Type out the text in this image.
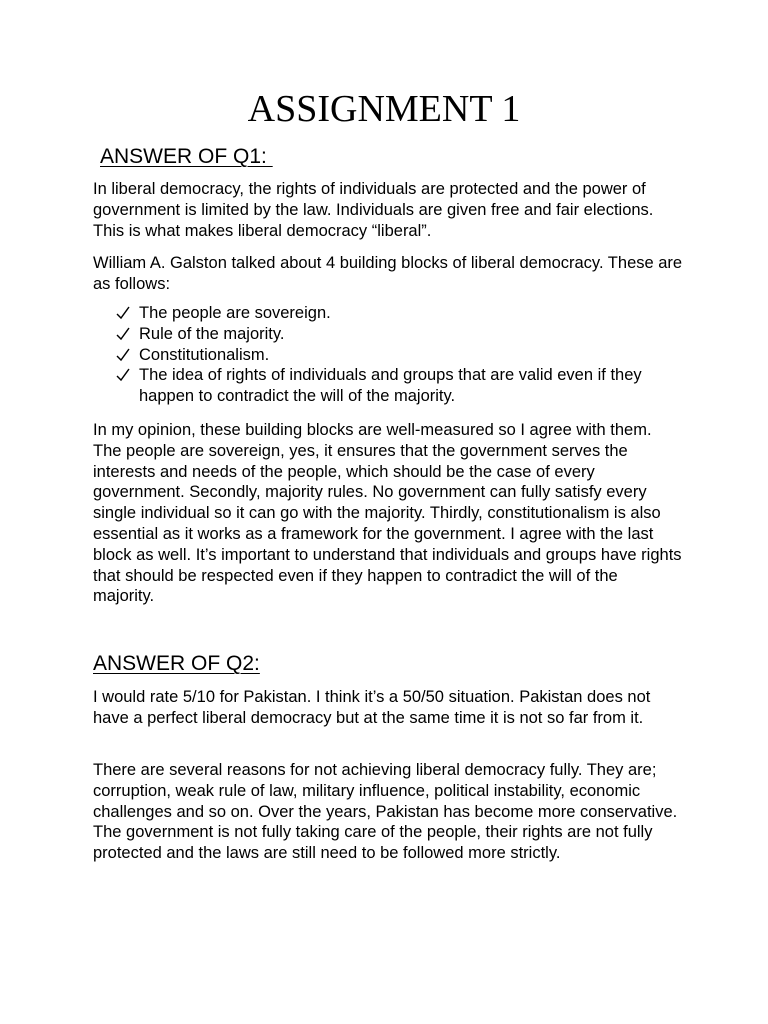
ASSIGNMENT 1
ANSWER OF Q1:

In liberal democracy, the rights of individuals are protected and the power of government is limited by the law. Individuals are given free and fair elections. This is what makes liberal democracy “liberal”.

William A. Galston talked about 4 building blocks of liberal democracy. These are as follows:

The people are sovereign.
Rule of the majority.
Constitutionalism.
The idea of rights of individuals and groups that are valid even if they happen to contradict the will of the majority.

In my opinion, these building blocks are well-measured so I agree with them. The people are sovereign, yes, it ensures that the government serves the interests and needs of the people, which should be the case of every government. Secondly, majority rules. No government can fully satisfy every single individual so it can go with the majority. Thirdly, constitutionalism is also essential as it works as a framework for the government. I agree with the last block as well. It’s important to understand that individuals and groups have rights that should be respected even if they happen to contradict the will of the majority.

ANSWER OF Q2:

I would rate 5/10 for Pakistan. I think it’s a 50/50 situation. Pakistan does not have a perfect liberal democracy but at the same time it is not so far from it.

There are several reasons for not achieving liberal democracy fully. They are; corruption, weak rule of law, military influence, political instability, economic challenges and so on. Over the years, Pakistan has become more conservative. The government is not fully taking care of the people, their rights are not fully protected and the laws are still need to be followed more strictly.
